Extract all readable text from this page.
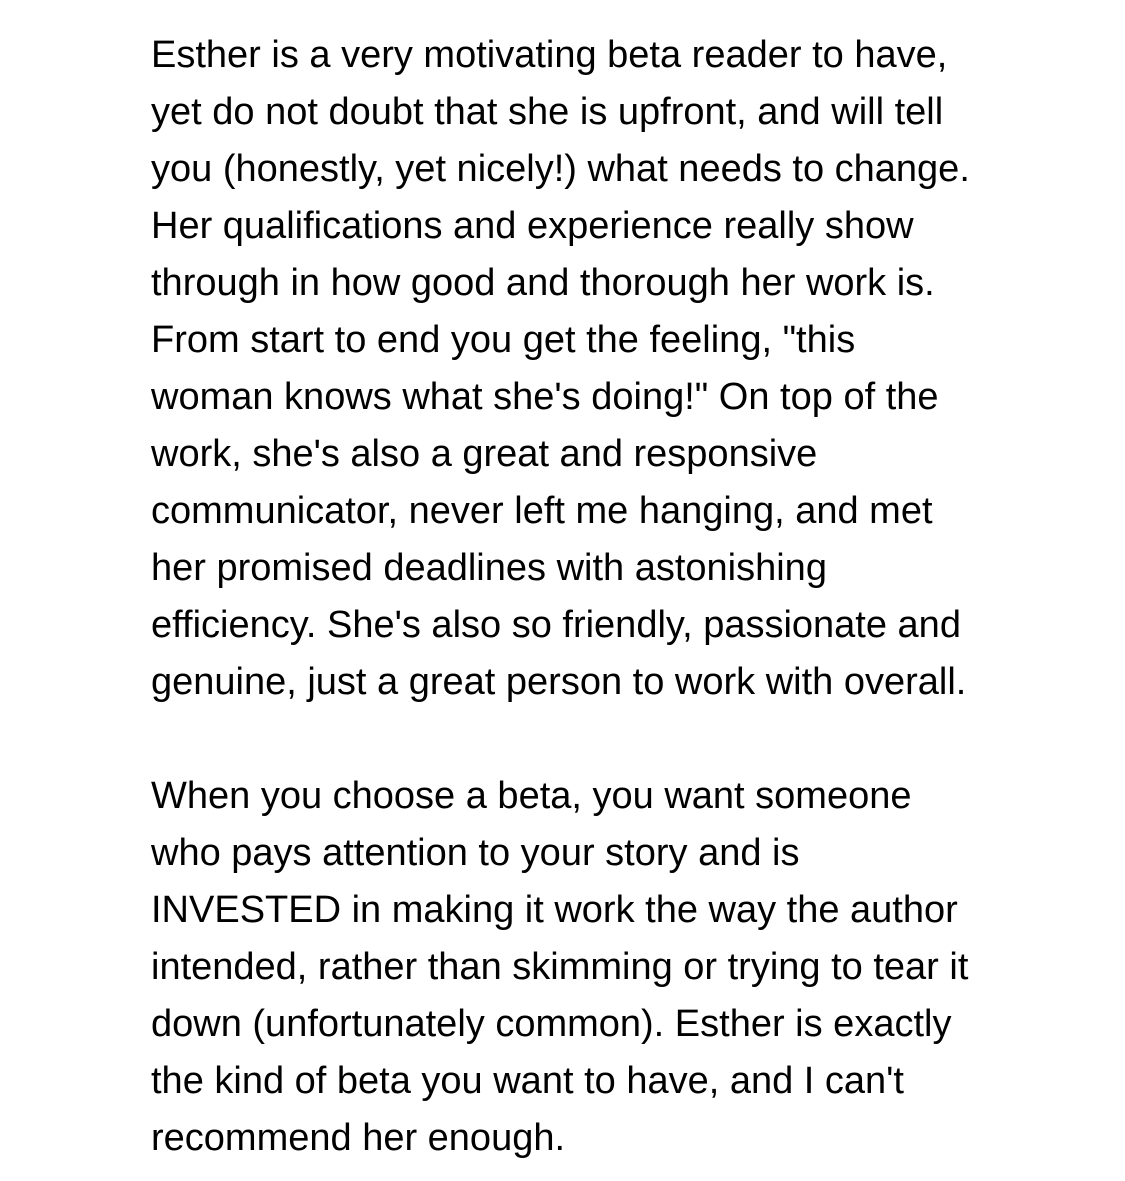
Esther is a very motivating beta reader to have,
yet do not doubt that she is upfront, and will tell
you (honestly, yet nicely!) what needs to change.
Her qualifications and experience really show
through in how good and thorough her work is.
From start to end you get the feeling, "this
woman knows what she's doing!" On top of the
work, she's also a great and responsive
communicator, never left me hanging, and met
her promised deadlines with astonishing
efficiency. She's also so friendly, passionate and
genuine, just a great person to work with overall.

When you choose a beta, you want someone
who pays attention to your story and is
INVESTED in making it work the way the author
intended, rather than skimming or trying to tear it
down (unfortunately common). Esther is exactly
the kind of beta you want to have, and I can't
recommend her enough.
